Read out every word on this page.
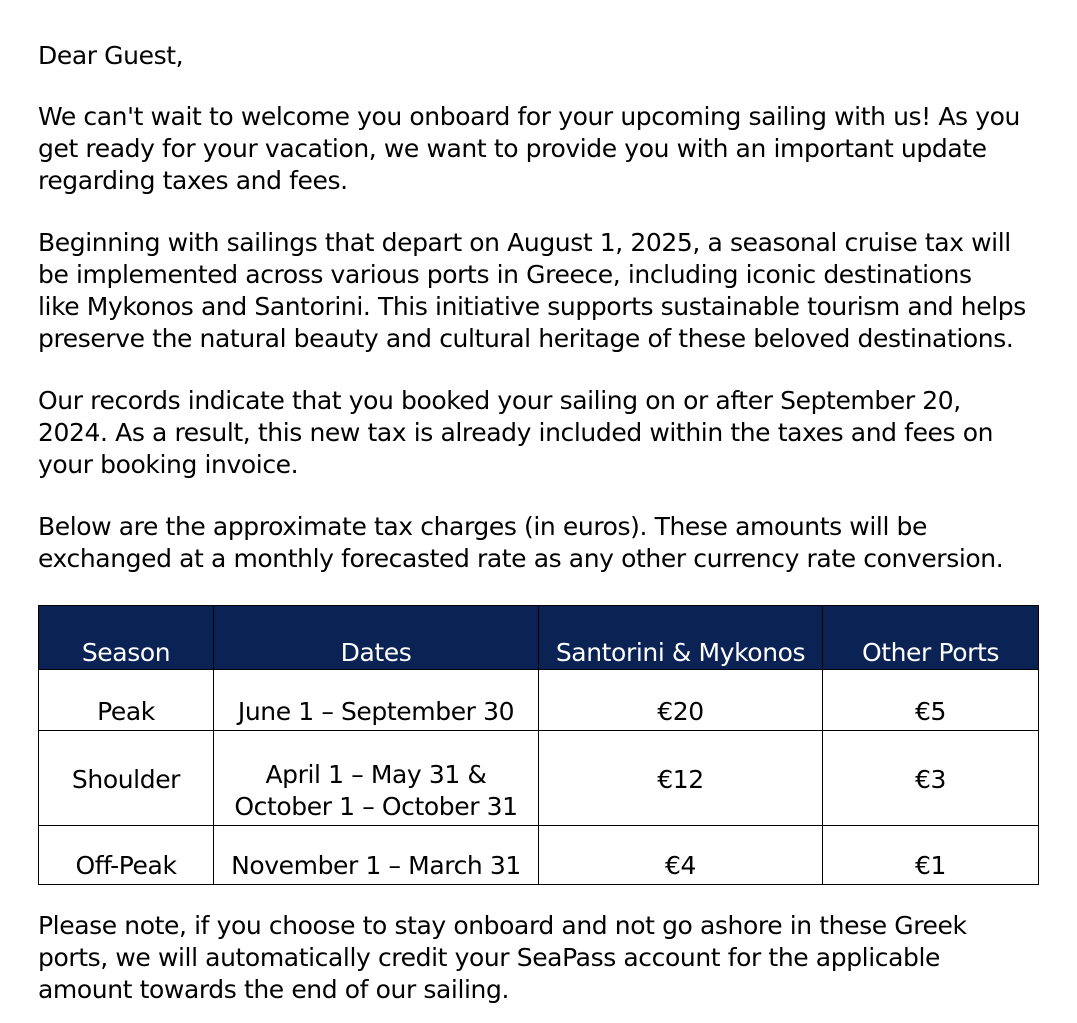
Dear Guest,

We can't wait to welcome you onboard for your upcoming sailing with us! As you
get ready for your vacation, we want to provide you with an important update
regarding taxes and fees.

Beginning with sailings that depart on August 1, 2025, a seasonal cruise tax will
be implemented across various ports in Greece, including iconic destinations
like Mykonos and Santorini. This initiative supports sustainable tourism and helps
preserve the natural beauty and cultural heritage of these beloved destinations.

Our records indicate that you booked your sailing on or after September 20,
2024. As a result, this new tax is already included within the taxes and fees on
your booking invoice.

Below are the approximate tax charges (in euros). These amounts will be
exchanged at a monthly forecasted rate as any other currency rate conversion.

Season	Dates	Santorini & Mykonos	Other Ports
Peak	June 1 – September 30	€20	€5
Shoulder	April 1 – May 31 &
October 1 – October 31	€12	€3
Off-Peak	November 1 – March 31	€4	€1

Please note, if you choose to stay onboard and not go ashore in these Greek
ports, we will automatically credit your SeaPass account for the applicable
amount towards the end of our sailing.
